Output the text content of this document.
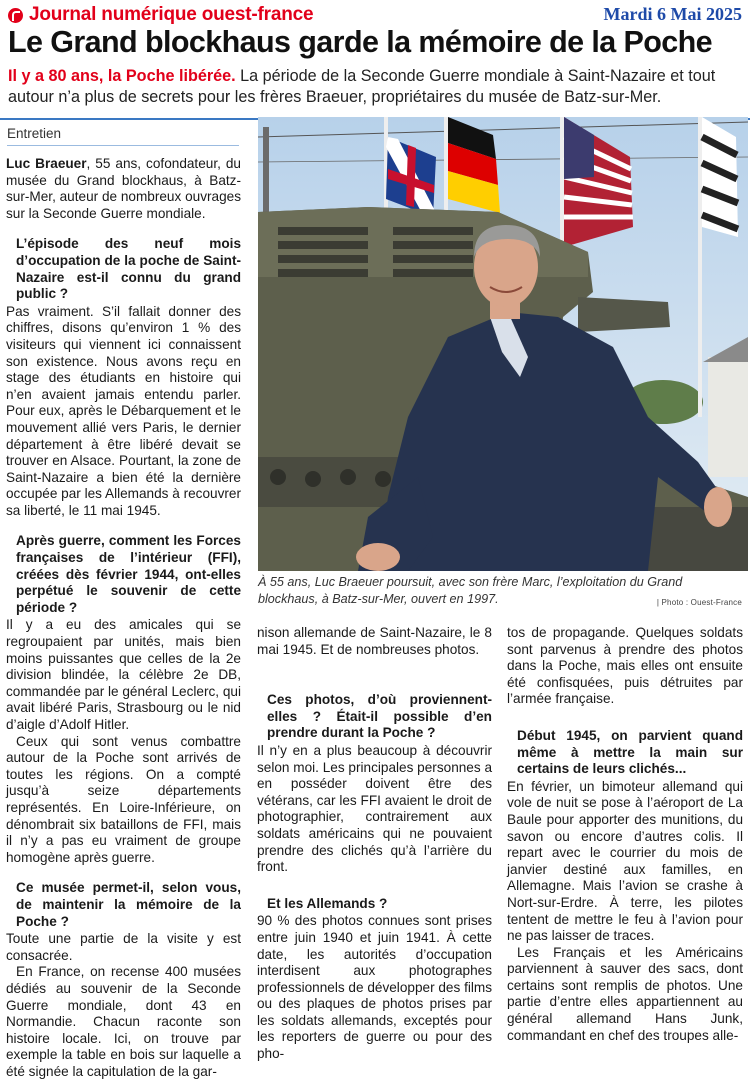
Journal numérique ouest-france	Mardi 6 Mai 2025
Le Grand blockhaus garde la mémoire de la Poche
Il y a 80 ans, la Poche libérée. La période de la Seconde Guerre mondiale à Saint-Nazaire et tout autour n’a plus de secrets pour les frères Braeuer, propriétaires du musée de Batz-sur-Mer.
Entretien

Luc Braeuer, 55 ans, cofondateur, du musée du Grand blockhaus, à Batz-sur-Mer, auteur de nombreux ouvrages sur la Seconde Guerre mondiale.

L’épisode des neuf mois d’occupation de la poche de Saint-Nazaire est-il connu du grand public ?

Pas vraiment. S’il fallait donner des chiffres, disons qu’environ 1 % des visiteurs qui viennent ici connaissent son existence. Nous avons reçu en stage des étudiants en histoire qui n’en avaient jamais entendu parler. Pour eux, après le Débarquement et le mouvement allié vers Paris, le dernier département à être libéré devait se trouver en Alsace. Pourtant, la zone de Saint-Nazaire a bien été la dernière occupée par les Allemands à recouvrer sa liberté, le 11 mai 1945.

Après guerre, comment les Forces françaises de l’intérieur (FFI), créées dès février 1944, ont-elles perpétué le souvenir de cette période ?

Il y a eu des amicales qui se regroupaient par unités, mais bien moins puissantes que celles de la 2e division blindée, la célèbre 2e DB, commandée par le général Leclerc, qui avait libéré Paris, Strasbourg ou le nid d’aigle d’Adolf Hitler.

Ceux qui sont venus combattre autour de la Poche sont arrivés de toutes les régions. On a compté jusqu’à seize départements représentés. En Loire-Inférieure, on dénombrait six bataillons de FFI, mais il n’y a pas eu vraiment de groupe homogène après guerre.

Ce musée permet-il, selon vous, de maintenir la mémoire de la Poche ?

Toute une partie de la visite y est consacrée.

En France, on recense 400 musées dédiés au souvenir de la Seconde Guerre mondiale, dont 43 en Normandie. Chacun raconte son histoire locale. Ici, on trouve par exemple la table en bois sur laquelle a été signée la capitulation de la gar-

À 55 ans, Luc Braeuer poursuit, avec son frère Marc, l’exploitation du Grand blockhaus, à Batz-sur-Mer, ouvert en 1997.	| Photo : Ouest-France

nison allemande de Saint-Nazaire, le 8 mai 1945. Et de nombreuses photos.

Ces photos, d’où proviennent-elles ? Était-il possible d’en prendre durant la Poche ?

Il n’y en a plus beaucoup à découvrir selon moi. Les principales personnes a en posséder doivent être des vétérans, car les FFI avaient le droit de photographier, contrairement aux soldats américains qui ne pouvaient prendre des clichés qu’à l’arrière du front.

Et les Allemands ?

90 % des photos connues sont prises entre juin 1940 et juin 1941. À cette date, les autorités d’occupation interdisent aux photographes professionnels de développer des films ou des plaques de photos prises par les soldats allemands, exceptés pour les reporters de guerre ou pour des pho-

tos de propagande. Quelques soldats sont parvenus à prendre des photos dans la Poche, mais elles ont ensuite été confisquées, puis détruites par l’armée française.

Début 1945, on parvient quand même à mettre la main sur certains de leurs clichés...

En février, un bimoteur allemand qui vole de nuit se pose à l’aéroport de La Baule pour apporter des munitions, du savon ou encore d’autres colis. Il repart avec le courrier du mois de janvier destiné aux familles, en Allemagne. Mais l’avion se crashe à Nort-sur-Erdre. À terre, les pilotes tentent de mettre le feu à l’avion pour ne pas laisser de traces.

Les Français et les Américains parviennent à sauver des sacs, dont certains sont remplis de photos. Une partie d’entre elles appartiennent au général allemand Hans Junk, commandant en chef des troupes alle-
